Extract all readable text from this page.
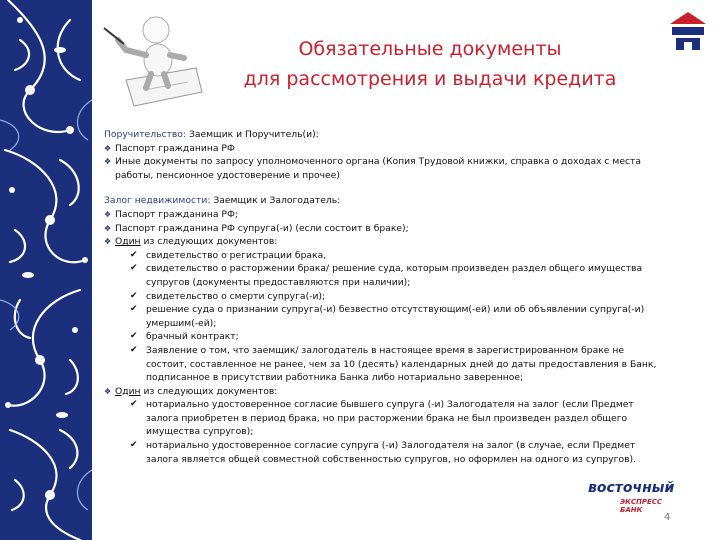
Обязательные документы
для рассмотрения и выдачи кредита

Поручительство: Заемщик и Поручитель(и):

❖ Паспорт гражданина РФ
❖ Иные документы по запросу уполномоченного органа (Копия Трудовой книжки, справка о доходах с места работы, пенсионное удостоверение и прочее)

Залог недвижимости: Заемщик и Залогодатель:

❖ Паспорт гражданина РФ;
❖ Паспорт гражданина РФ супруга(-и) (если состоит в браке);
❖ Один из следующих документов:
✔ свидетельство о регистрации брака,
✔ свидетельство о расторжении брака/ решение суда, которым произведен раздел общего имущества супругов (документы предоставляются при наличии);
✔ свидетельство о смерти супруга(-и);
✔ решение суда о признании супруга(-и) безвестно отсутствующим(-ей) или об объявлении супруга(-и) умершим(-ей);
✔ брачный контракт;
✔ Заявление о том, что заемщик/ залогодатель в настоящее время в зарегистрированном браке не состоит, составленное не ранее, чем за 10 (десять) календарных дней до даты предоставления в Банк, подписанное в присутствии работника Банка либо нотариально заверенное;
❖ Один из следующих документов:
✔ нотариально удостоверенное согласие бывшего супруга (-и) Залогодателя на залог (если Предмет залога приобретен в период брака, но при расторжении брака не был произведен раздел общего имущества супругов);
✔ нотариально удостоверенное согласие супруга (-и) Залогодателя на залог (в случае, если Предмет залога является общей совместной собственностью супругов, но оформлен на одного из супругов).
восточный
ЭКСПРЕСС БАНК
4
